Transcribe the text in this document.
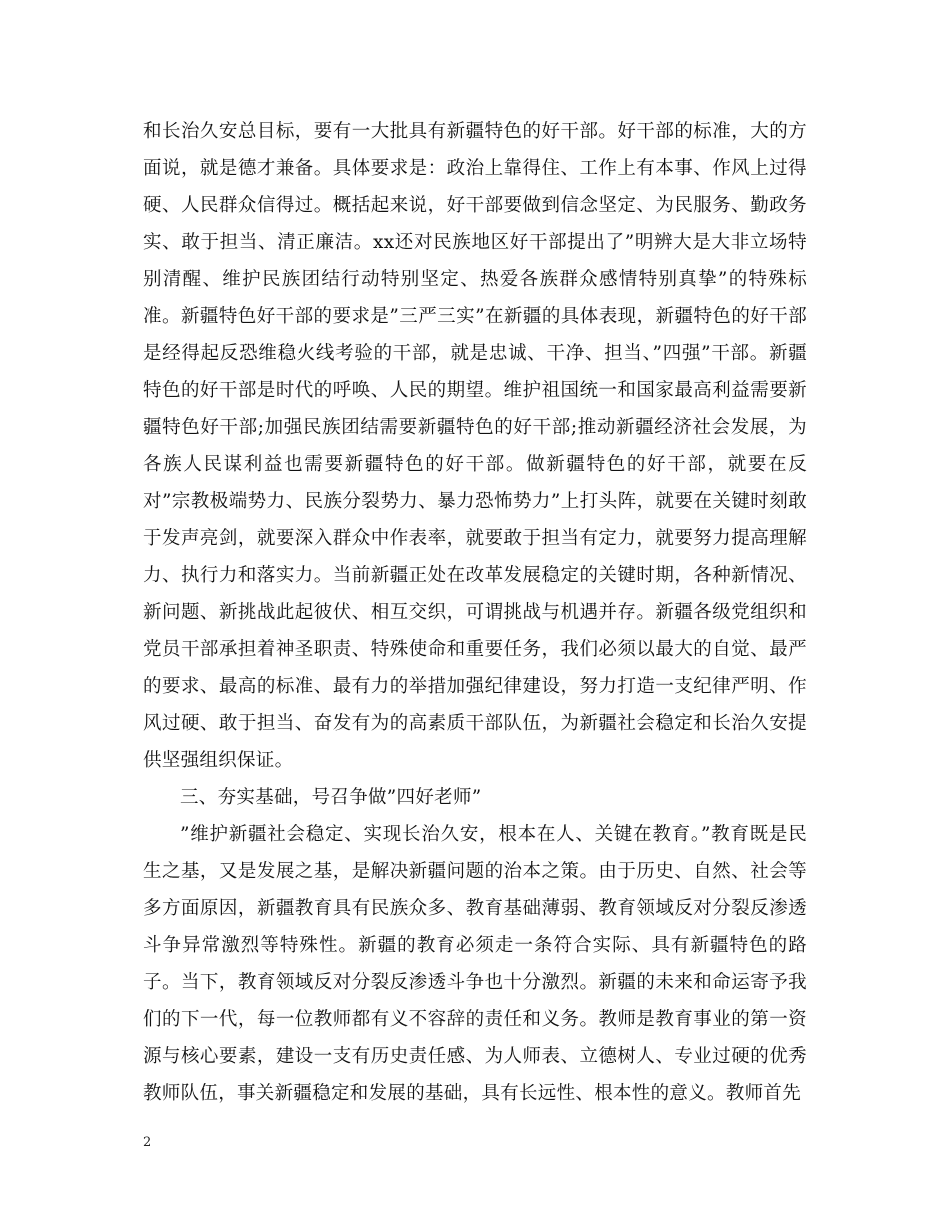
和长治久安总目标，要有一大批具有新疆特色的好干部。好干部的标准，大的方面说，就是德才兼备。具体要求是：政治上靠得住、工作上有本事、作风上过得硬、人民群众信得过。概括起来说，好干部要做到信念坚定、为民服务、勤政务实、敢于担当、清正廉洁。xx还对民族地区好干部提出了”明辨大是大非立场特别清醒、维护民族团结行动特别坚定、热爱各族群众感情特别真挚”的特殊标准。新疆特色好干部的要求是”三严三实”在新疆的具体表现，新疆特色的好干部是经得起反恐维稳火线考验的干部，就是忠诚、干净、担当、”四强”干部。新疆特色的好干部是时代的呼唤、人民的期望。维护祖国统一和国家最高利益需要新疆特色好干部;加强民族团结需要新疆特色的好干部;推动新疆经济社会发展，为各族人民谋利益也需要新疆特色的好干部。做新疆特色的好干部，就要在反对”宗教极端势力、民族分裂势力、暴力恐怖势力”上打头阵，就要在关键时刻敢于发声亮剑，就要深入群众中作表率，就要敢于担当有定力，就要努力提高理解力、执行力和落实力。当前新疆正处在改革发展稳定的关键时期，各种新情况、新问题、新挑战此起彼伏、相互交织，可谓挑战与机遇并存。新疆各级党组织和党员干部承担着神圣职责、特殊使命和重要任务，我们必须以最大的自觉、最严的要求、最高的标准、最有力的举措加强纪律建设，努力打造一支纪律严明、作风过硬、敢于担当、奋发有为的高素质干部队伍，为新疆社会稳定和长治久安提供坚强组织保证。

三、夯实基础，号召争做”四好老师”

”维护新疆社会稳定、实现长治久安，根本在人、关键在教育。”教育既是民生之基，又是发展之基，是解决新疆问题的治本之策。由于历史、自然、社会等多方面原因，新疆教育具有民族众多、教育基础薄弱、教育领域反对分裂反渗透斗争异常激烈等特殊性。新疆的教育必须走一条符合实际、具有新疆特色的路子。当下，教育领域反对分裂反渗透斗争也十分激烈。新疆的未来和命运寄予我们的下一代，每一位教师都有义不容辞的责任和义务。教师是教育事业的第一资源与核心要素，建设一支有历史责任感、为人师表、立德树人、专业过硬的优秀教师队伍，事关新疆稳定和发展的基础，具有长远性、根本性的意义。教师首先

2
